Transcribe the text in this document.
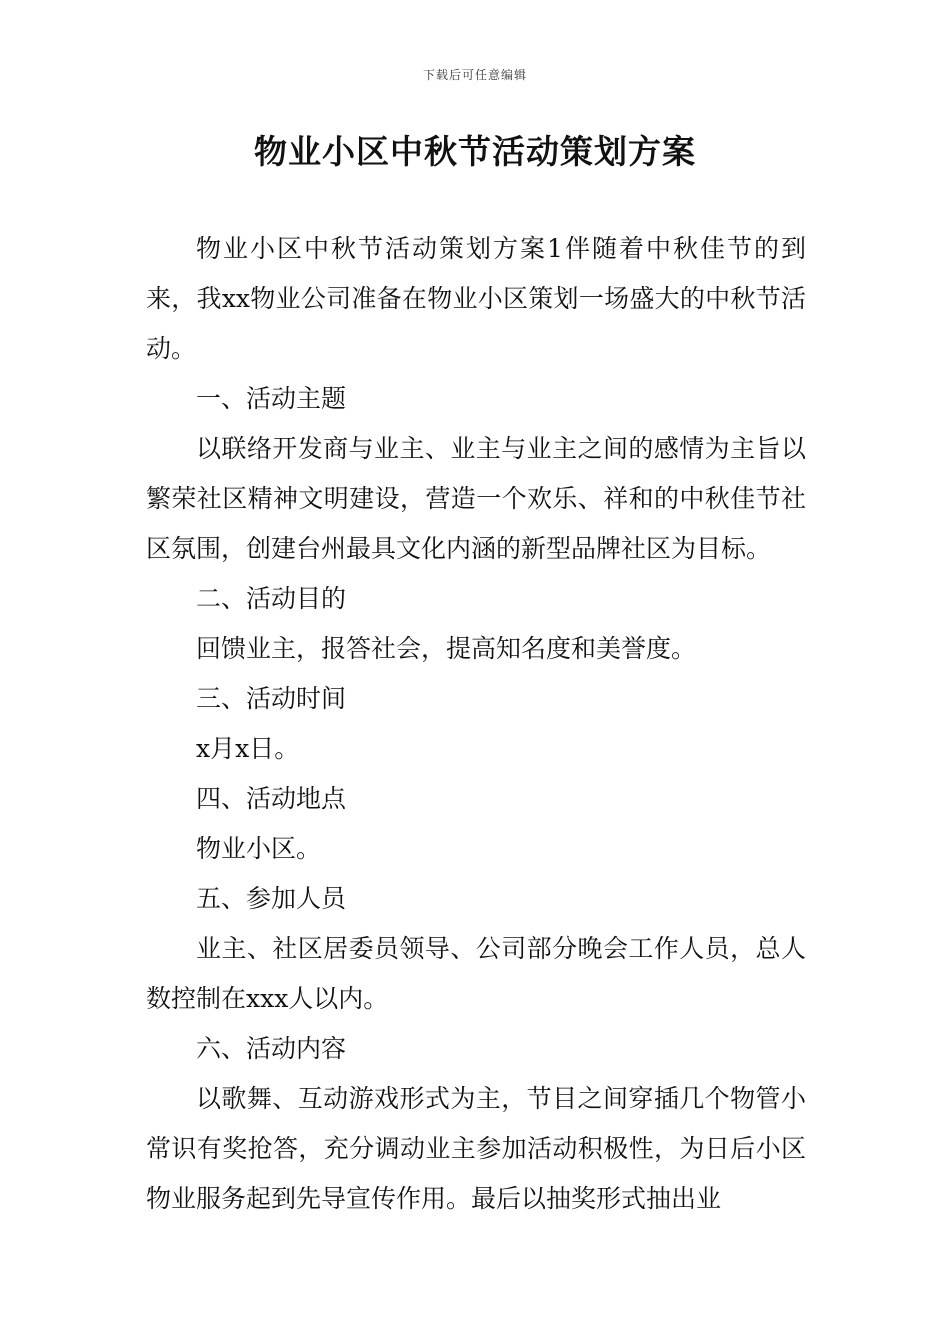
下载后可任意编辑
物业小区中秋节活动策划方案

物业小区中秋节活动策划方案1伴随着中秋佳节的到来，我xx物业公司准备在物业小区策划一场盛大的中秋节活动。

一、活动主题

以联络开发商与业主、业主与业主之间的感情为主旨以繁荣社区精神文明建设，营造一个欢乐、祥和的中秋佳节社区氛围，创建台州最具文化内涵的新型品牌社区为目标。

二、活动目的

回馈业主，报答社会，提高知名度和美誉度。

三、活动时间

x月x日。

四、活动地点

物业小区。

五、参加人员

业主、社区居委员领导、公司部分晚会工作人员，总人数控制在xxx人以内。

六、活动内容

以歌舞、互动游戏形式为主，节目之间穿插几个物管小常识有奖抢答，充分调动业主参加活动积极性，为日后小区物业服务起到先导宣传作用。最后以抽奖形式抽出业
